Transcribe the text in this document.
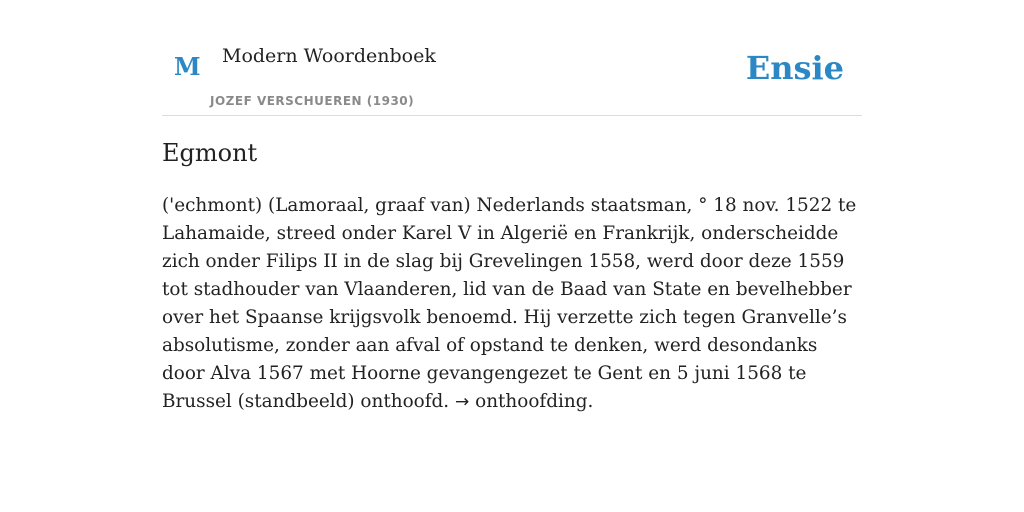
M Modern Woordenboek
JOZEF VERSCHUEREN (1930)
Ensie
Egmont

('echmont) (Lamoraal, graaf van) Nederlands staatsman, ° 18 nov. 1522 te Lahamaide, streed onder Karel V in Algerië en Frankrijk, onderscheidde zich onder Filips II in de slag bij Grevelingen 1558, werd door deze 1559 tot stadhouder van Vlaanderen, lid van de Baad van State en bevelhebber over het Spaanse krijgsvolk benoemd. Hij verzette zich tegen Granvelle’s absolutisme, zonder aan afval of opstand te denken, werd desondanks door Alva 1567 met Hoorne gevangengezet te Gent en 5 juni 1568 te Brussel (standbeeld) onthoofd. → onthoofding.
